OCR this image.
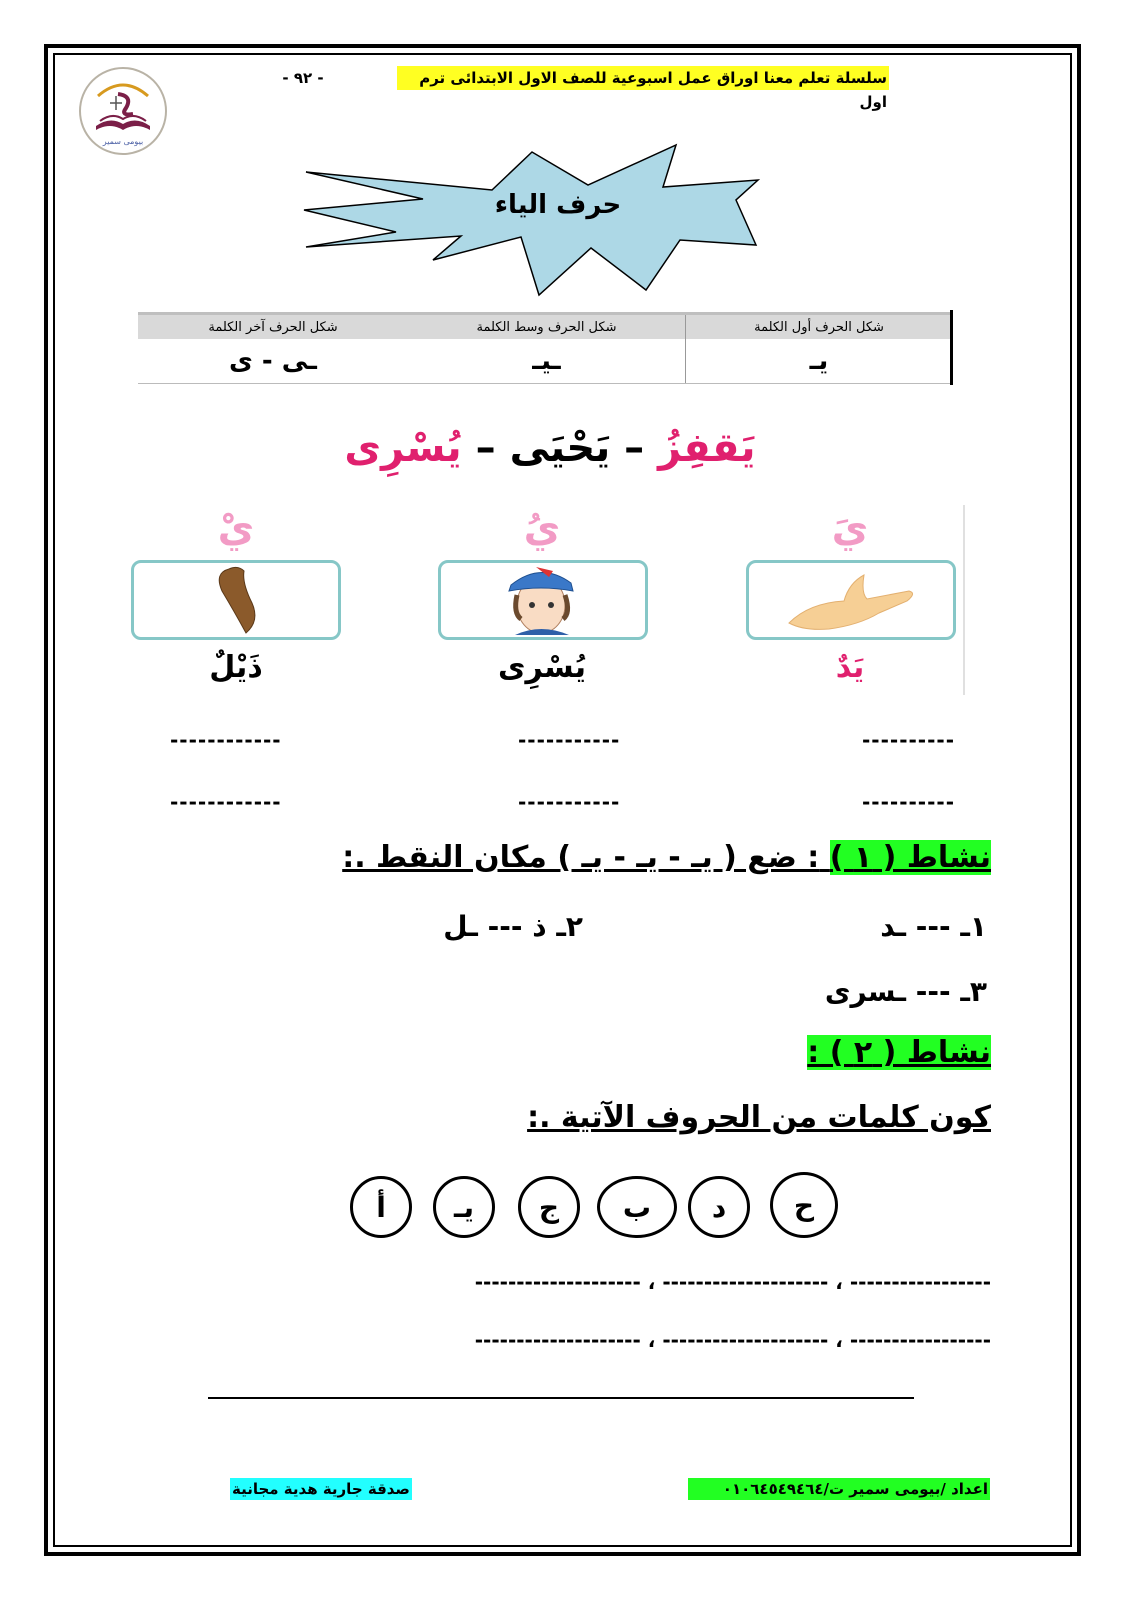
سلسلة تعلم معنا اوراق عمل اسبوعية للصف الاول الابتدائى ترم اول
- ٩٢ -
بيومى سمير
حرف الياء
شكل الحرف آخر الكلمة	شكل الحرف وسط الكلمة	شكل الحرف أول الكلمة
ـى - ى	ـيـ	يـ
يَقفِزُ – يَحْيَى – يُسْرِى
يَ
يَدٌ
يُ
يُسْرِى
يْ
ذَيْلٌ
----------
-----------
------------
----------
-----------
------------
نشاط ( ١ ) : ضع ( يـ - يـ - يـ ) مكان النقط .:
١ـ --- ـد
٢ـ ذ --- ـل
٣ـ --- ـسرى
نشاط ( ٢ ) :
كون كلمات من الحروف الآتية .:
ح
د
ب
ج
يـ
أ
----------------- ، -------------------- ، --------------------
----------------- ، -------------------- ، --------------------
صدقة جارية هدية مجانية	اعداد /بيومى سمير ت/٠١٠٦٤٥٤٩٤٦٤
